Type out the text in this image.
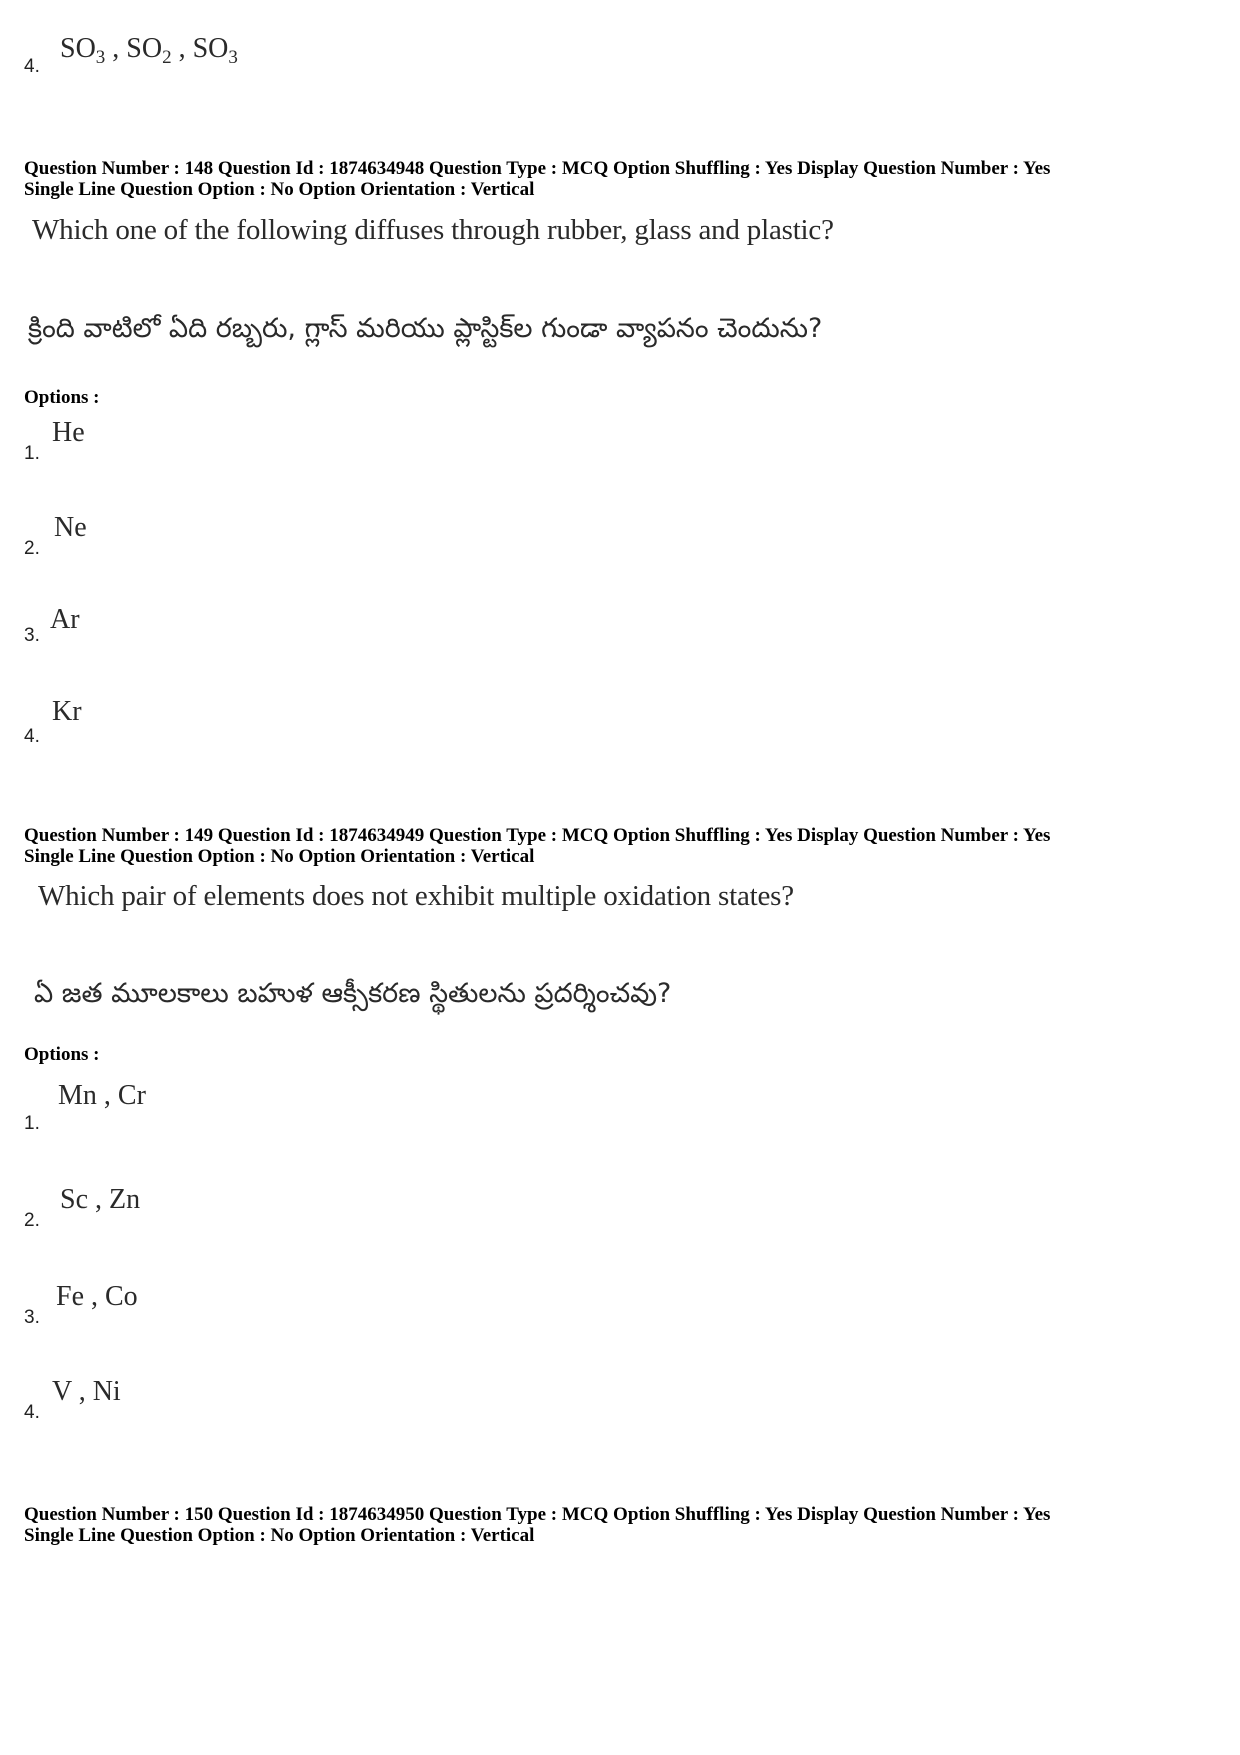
4.
$SO_3$ , $SO_2$ , $SO_3$
Question Number : 148 Question Id : 1874634948 Question Type : MCQ Option Shuffling : Yes Display Question Number : Yes
Single Line Question Option : No Option Orientation : Vertical
Which one of the following diffuses through rubber, glass and plastic?
క్రింది వాటిలో ఏది రబ్బరు, గ్లాస్ మరియు ప్లాస్టిక్‌ల గుండా వ్యాపనం చెందును?
Options :
1.
He
2.
Ne
3.
Ar
4.
Kr
Question Number : 149 Question Id : 1874634949 Question Type : MCQ Option Shuffling : Yes Display Question Number : Yes
Single Line Question Option : No Option Orientation : Vertical
Which pair of elements does not exhibit multiple oxidation states?
ఏ జత మూలకాలు బహుళ ఆక్సీకరణ స్థితులను ప్రదర్శించవు?
Options :
1.
Mn , Cr
2.
Sc , Zn
3.
Fe , Co
4.
V , Ni
Question Number : 150 Question Id : 1874634950 Question Type : MCQ Option Shuffling : Yes Display Question Number : Yes
Single Line Question Option : No Option Orientation : Vertical
